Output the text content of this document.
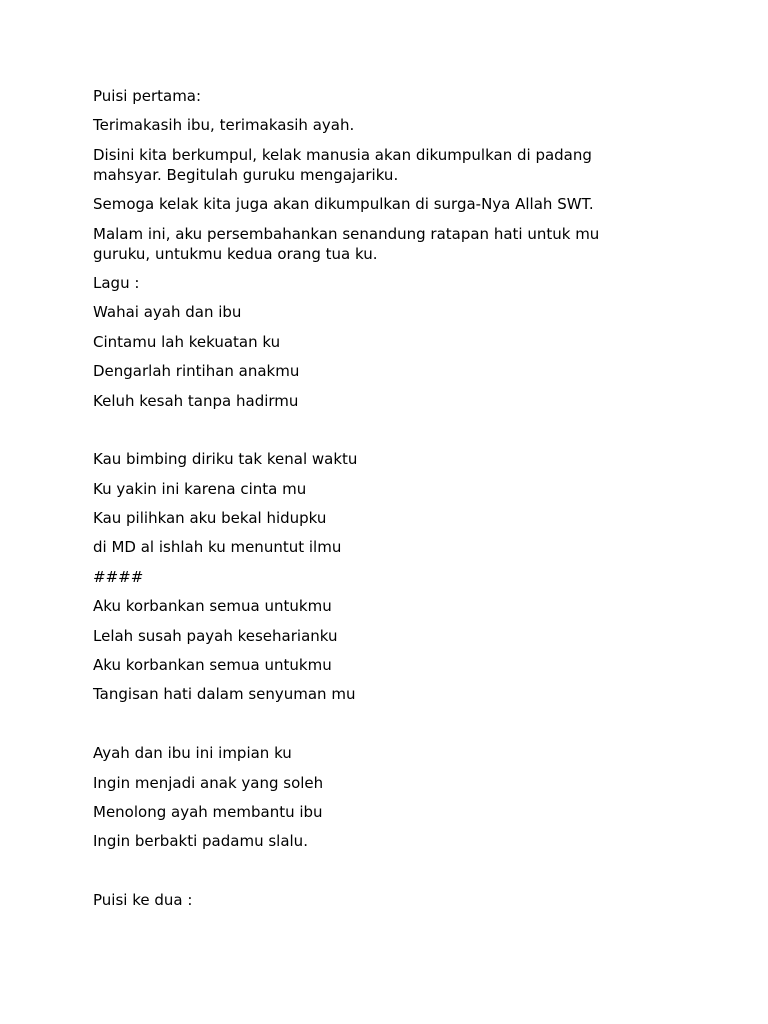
Puisi pertama:

Terimakasih ibu, terimakasih ayah.

Disini kita berkumpul, kelak manusia akan dikumpulkan di padang mahsyar. Begitulah guruku mengajariku.

Semoga kelak kita juga akan dikumpulkan di surga-Nya Allah SWT.

Malam ini, aku persembahankan senandung ratapan hati untuk mu guruku, untukmu kedua orang tua ku.

Lagu :

Wahai ayah dan ibu

Cintamu lah kekuatan ku

Dengarlah rintihan anakmu

Keluh kesah tanpa hadirmu

Kau bimbing diriku tak kenal waktu

Ku yakin ini karena cinta mu

Kau pilihkan aku bekal hidupku

di MD al ishlah ku menuntut ilmu

####

Aku korbankan semua untukmu

Lelah susah payah keseharianku

Aku korbankan semua untukmu

Tangisan hati dalam senyuman mu

Ayah dan ibu ini impian ku

Ingin menjadi anak yang soleh

Menolong ayah membantu ibu

Ingin berbakti padamu slalu.

Puisi ke dua :
